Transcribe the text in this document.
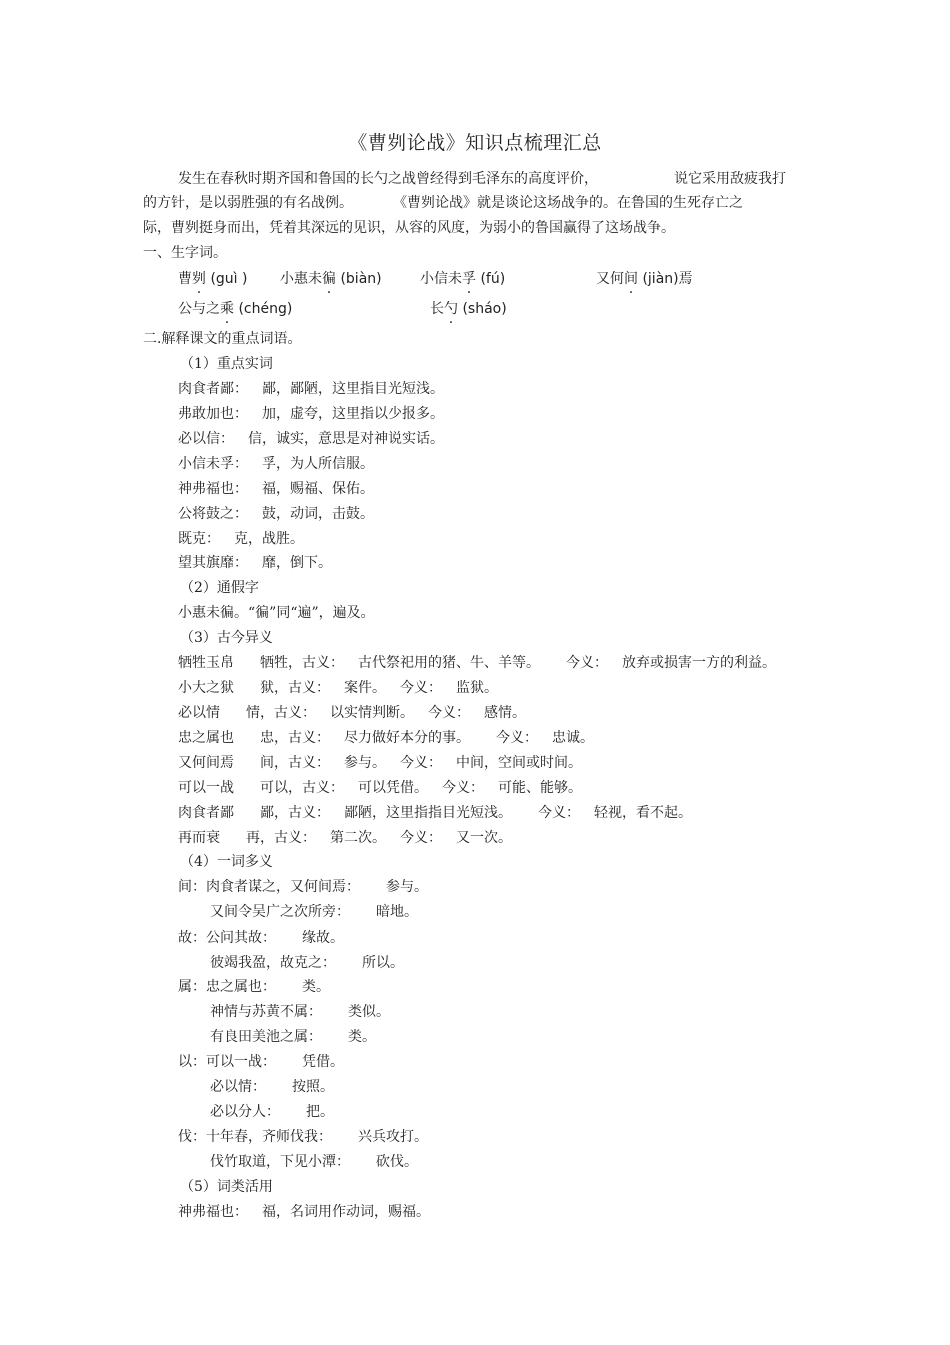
《曹刿论战》知识点梳理汇总
发生在春秋时期齐国和鲁国的长勺之战曾经得到毛泽东的高度评价，	说它采用敌疲我打
的方针，是以弱胜强的有名战例。	《曹刿论战》就是谈论这场战争的。在鲁国的生死存亡之
际，曹刿挺身而出，凭着其深远的见识，从容的风度，为弱小的鲁国赢得了这场战争。
一、生字词。
曹刿 (guì ) 小惠未徧 (biàn)	小信未孚 (fú)	又何间 (jiàn)焉
公与之乘 (chéng)	长勺 (sháo)
二.解释课文的重点词语。
（1）重点实词
肉食者鄙： 鄙，鄙陋，这里指目光短浅。
弗敢加也： 加，虚夸，这里指以少报多。
必以信： 信，诚实，意思是对神说实话。
小信未孚： 孚，为人所信服。
神弗福也： 福，赐福、保佑。
公将鼓之： 鼓，动词，击鼓。
既克： 克，战胜。
望其旗靡： 靡，倒下。
（2）通假字
小惠未徧。“徧”同“遍”，遍及。
（3）古今异义
牺牲玉帛 牺牲，古义： 古代祭祀用的猪、牛、羊等。 今义： 放弃或损害一方的利益。
小大之狱 狱，古义： 案件。 今义： 监狱。
必以情 情，古义： 以实情判断。 今义： 感情。
忠之属也 忠，古义： 尽力做好本分的事。 今义： 忠诚。
又何间焉 间，古义： 参与。 今义： 中间，空间或时间。
可以一战 可以，古义： 可以凭借。 今义： 可能、能够。
肉食者鄙 鄙，古义： 鄙陋，这里指指目光短浅。 今义： 轻视，看不起。
再而衰 再，古义： 第二次。 今义： 又一次。
（4）一词多义
间：肉食者谋之，又何间焉： 参与。
又间令吴广之次所旁： 暗地。
故：公问其故： 缘故。
彼竭我盈，故克之： 所以。
属：忠之属也： 类。
神情与苏黄不属： 类似。
有良田美池之属： 类。
以：可以一战： 凭借。
必以情： 按照。
必以分人： 把。
伐：十年春，齐师伐我： 兴兵攻打。
伐竹取道，下见小潭： 砍伐。
（5）词类活用
神弗福也： 福，名词用作动词，赐福。
